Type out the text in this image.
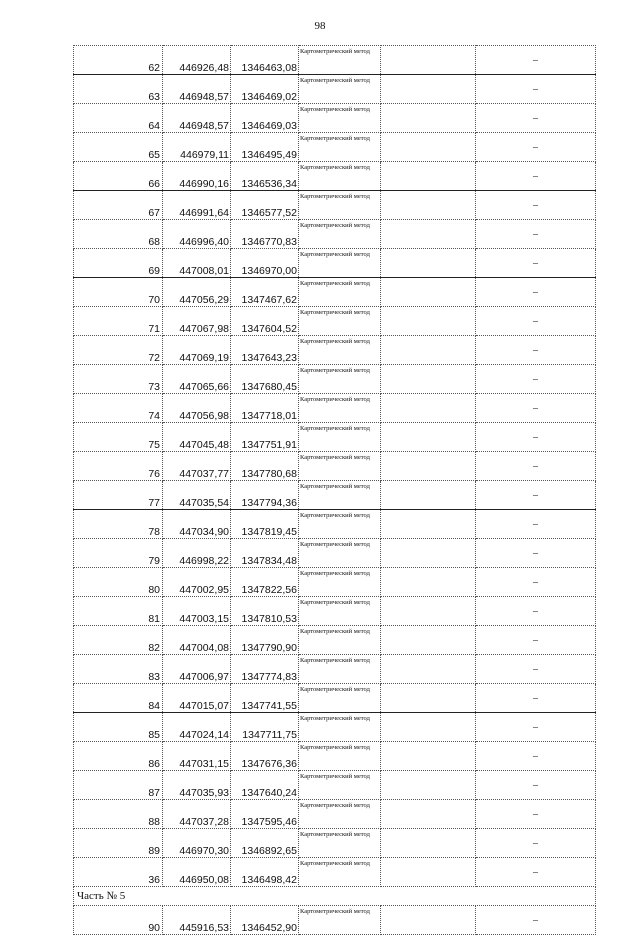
98
62	446926,48	1346463,08	Картометрический метод		–
63	446948,57	1346469,02	Картометрический метод		–
64	446948,57	1346469,03	Картометрический метод		–
65	446979,11	1346495,49	Картометрический метод		–
66	446990,16	1346536,34	Картометрический метод		–
67	446991,64	1346577,52	Картометрический метод		–
68	446996,40	1346770,83	Картометрический метод		–
69	447008,01	1346970,00	Картометрический метод		–
70	447056,29	1347467,62	Картометрический метод		–
71	447067,98	1347604,52	Картометрический метод		–
72	447069,19	1347643,23	Картометрический метод		–
73	447065,66	1347680,45	Картометрический метод		–
74	447056,98	1347718,01	Картометрический метод		–
75	447045,48	1347751,91	Картометрический метод		–
76	447037,77	1347780,68	Картометрический метод		–
77	447035,54	1347794,36	Картометрический метод		–
78	447034,90	1347819,45	Картометрический метод		–
79	446998,22	1347834,48	Картометрический метод		–
80	447002,95	1347822,56	Картометрический метод		–
81	447003,15	1347810,53	Картометрический метод		–
82	447004,08	1347790,90	Картометрический метод		–
83	447006,97	1347774,83	Картометрический метод		–
84	447015,07	1347741,55	Картометрический метод		–
85	447024,14	1347711,75	Картометрический метод		–
86	447031,15	1347676,36	Картометрический метод		–
87	447035,93	1347640,24	Картометрический метод		–
88	447037,28	1347595,46	Картометрический метод		–
89	446970,30	1346892,65	Картометрический метод		–
36	446950,08	1346498,42	Картометрический метод		–
Часть № 5					
90	445916,53	1346452,90	Картометрический метод		–
